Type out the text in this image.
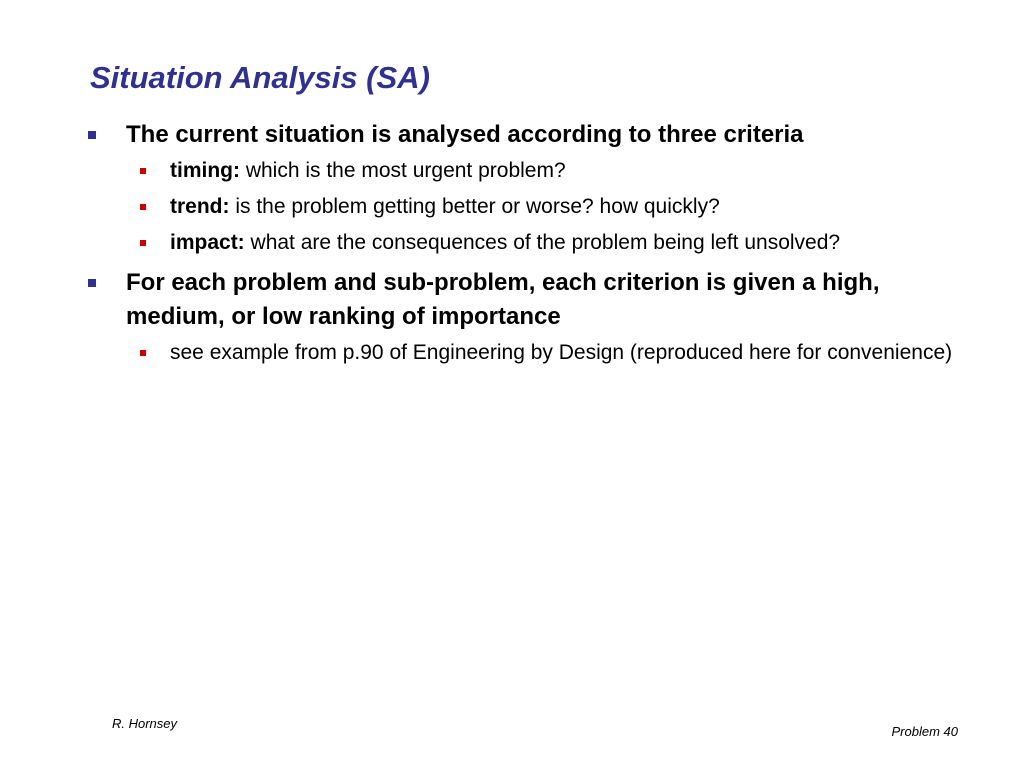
Situation Analysis (SA)
The current situation is analysed according to three criteria
timing: which is the most urgent problem?
trend: is the problem getting better or worse? how quickly?
impact: what are the consequences of the problem being left unsolved?
For each problem and sub-problem, each criterion is given a high, medium, or low ranking of importance
see example from p.90 of Engineering by Design (reproduced here for convenience)
R. Hornsey
Problem 40
